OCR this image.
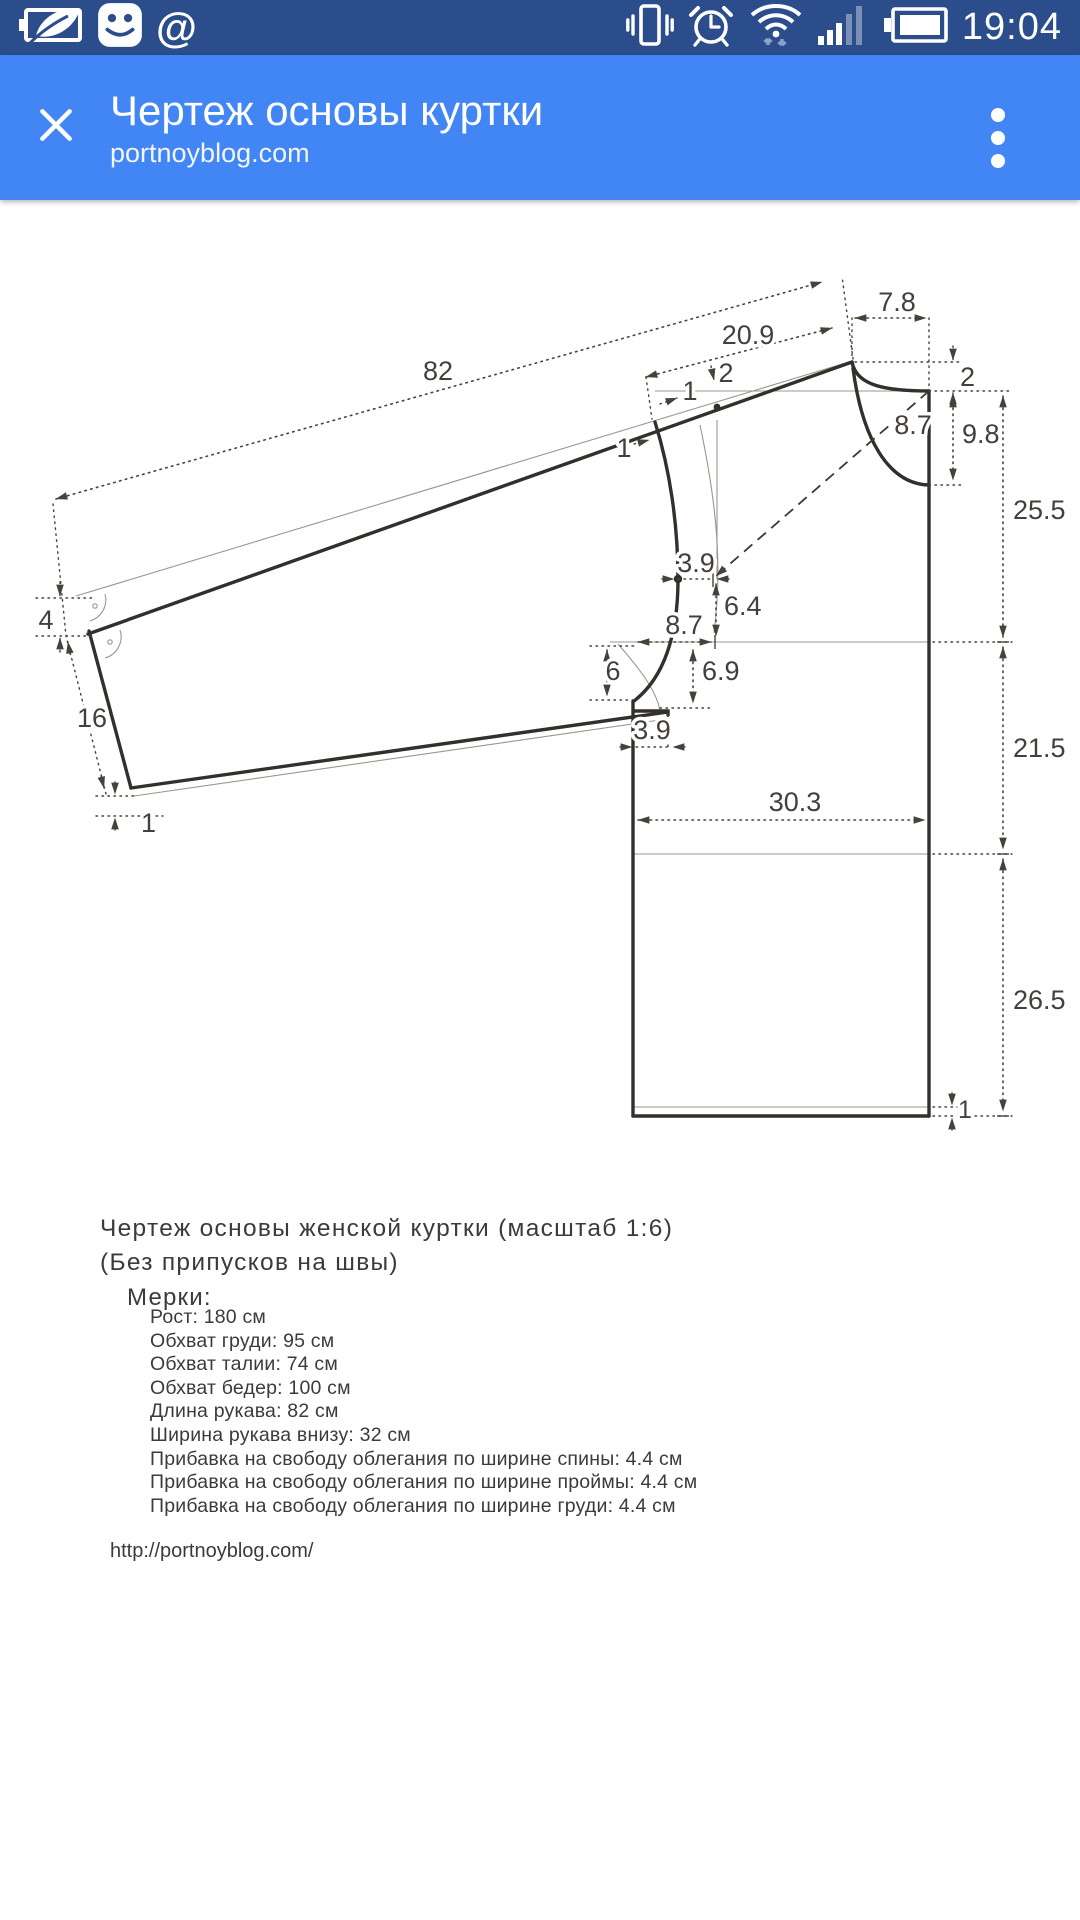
@	19:04
Чертеж основы куртки
portnoyblog.com
82
20.9
7.8
2
1
1
2
9.8
8.7
25.5
21.5
26.5
3.9
6.4
8.7
6	6.9
3.9
4
16
1
30.3
1
Чертеж основы женской куртки (масштаб 1:6)
(Без припусков на швы)
Мерки:
Рост: 180 см
Обхват груди: 95 см
Обхват талии: 74 см
Обхват бедер: 100 см
Длина рукава: 82 см
Ширина рукава внизу: 32 см
Прибавка на свободу облегания по ширине спины: 4.4 см
Прибавка на свободу облегания по ширине проймы: 4.4 см
Прибавка на свободу облегания по ширине груди: 4.4 см
http://portnoyblog.com/
